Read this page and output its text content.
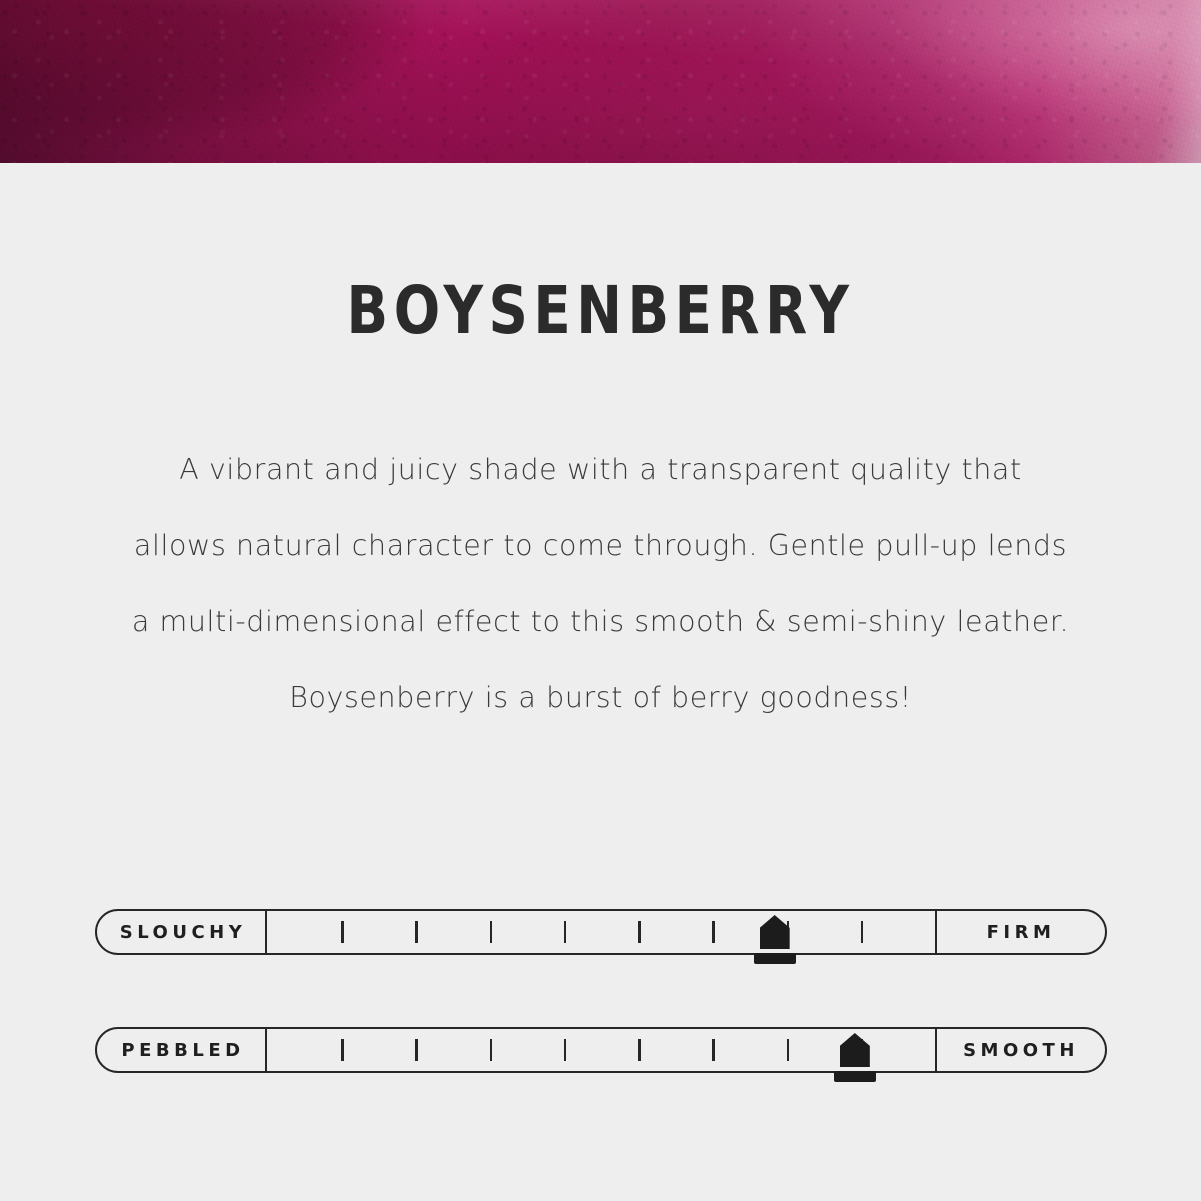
BOYSENBERRY

A vibrant and juicy shade with a transparent quality that

allows natural character to come through. Gentle pull-up lends

a multi-dimensional effect to this smooth & semi-shiny leather.

Boysenberry is a burst of berry goodness!

SLOUCHY	FIRM
PEBBLED	SMOOTH
